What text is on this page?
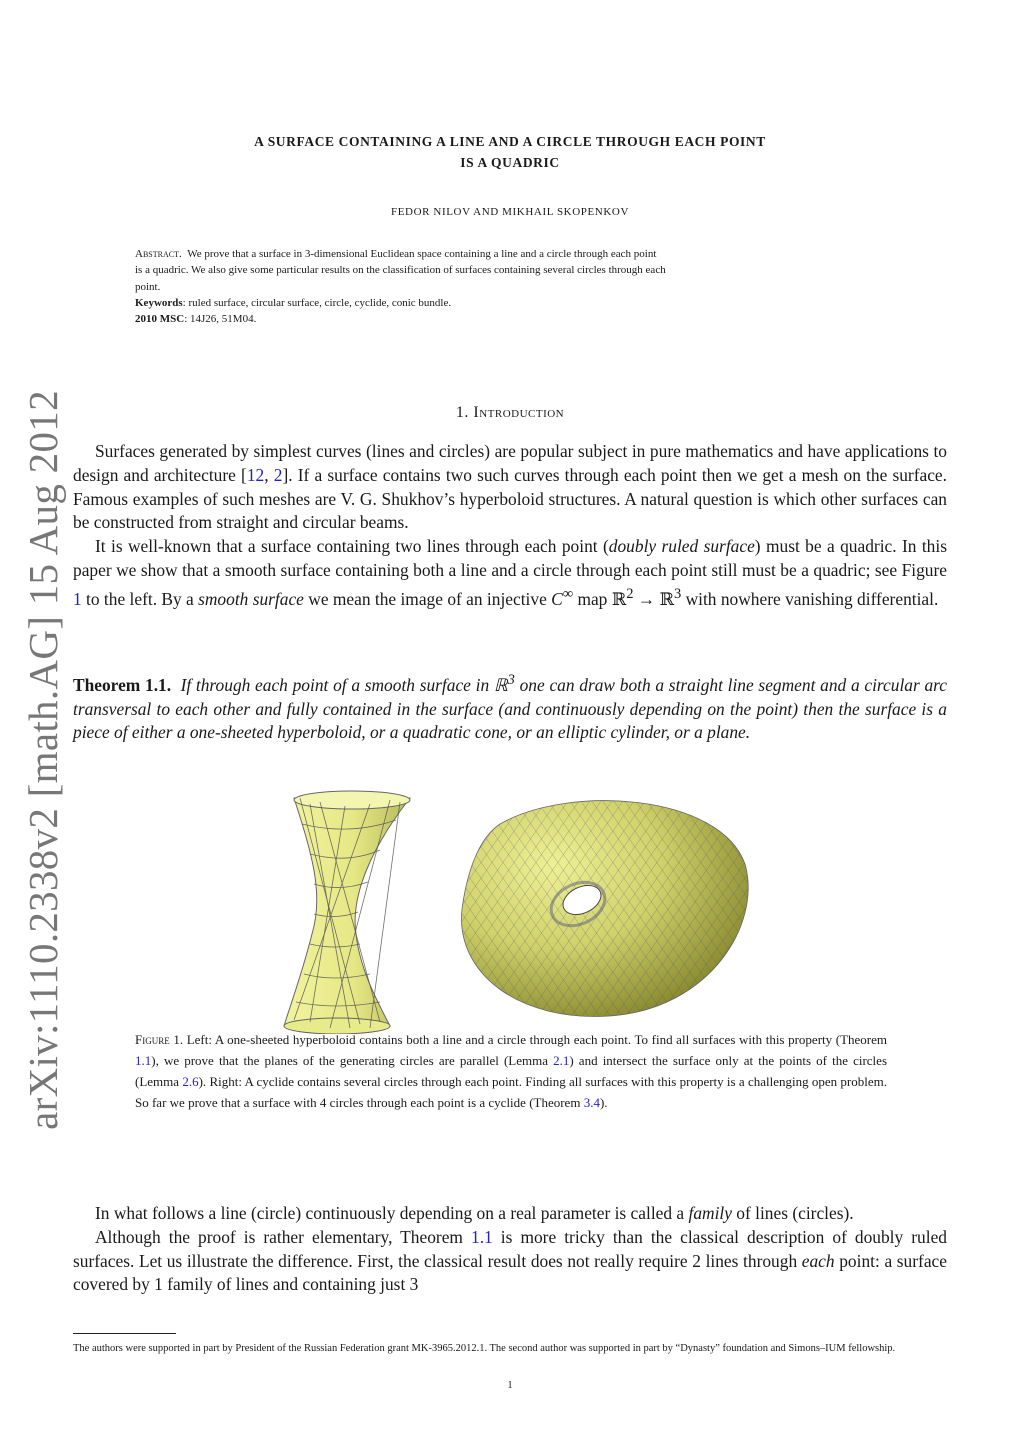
arXiv:1110.2338v2 [math.AG] 15 Aug 2012
A SURFACE CONTAINING A LINE AND A CIRCLE THROUGH EACH POINT
IS A QUADRIC
FEDOR NILOV AND MIKHAIL SKOPENKOV
Abstract. We prove that a surface in 3-dimensional Euclidean space containing a line and a circle through each point
is a quadric. We also give some particular results on the classification of surfaces containing several circles through each
point.
Keywords: ruled surface, circular surface, circle, cyclide, conic bundle.
2010 MSC: 14J26, 51M04.
1. Introduction

Surfaces generated by simplest curves (lines and circles) are popular subject in pure mathematics and have applications to design and architecture [12, 2]. If a surface contains two such curves through each point then we get a mesh on the surface. Famous examples of such meshes are V. G. Shukhov’s hyperboloid structures. A natural question is which other surfaces can be constructed from straight and circular beams.

It is well-known that a surface containing two lines through each point (doubly ruled surface) must be a quadric. In this paper we show that a smooth surface containing both a line and a circle through each point still must be a quadric; see Figure 1 to the left. By a smooth surface we mean the image of an injective C∞ map ℝ$^2$ → ℝ$^3$ with nowhere vanishing differential.

Theorem 1.1. If through each point of a smooth surface in ℝ$^3$ one can draw both a straight line segment and a circular arc transversal to each other and fully contained in the surface (and continuously depending on the point) then the surface is a piece of either a one-sheeted hyperboloid, or a quadratic cone, or an elliptic cylinder, or a plane.

Figure 1. Left: A one-sheeted hyperboloid contains both a line and a circle through each point. To find all surfaces with this property (Theorem 1.1), we prove that the planes of the generating circles are parallel (Lemma 2.1) and intersect the surface only at the points of the circles (Lemma 2.6). Right: A cyclide contains several circles through each point. Finding all surfaces with this property is a challenging open problem. So far we prove that a surface with 4 circles through each point is a cyclide (Theorem 3.4).

In what follows a line (circle) continuously depending on a real parameter is called a family of lines (circles).

Although the proof is rather elementary, Theorem 1.1 is more tricky than the classical description of doubly ruled surfaces. Let us illustrate the difference. First, the classical result does not really require 2 lines through each point: a surface covered by 1 family of lines and containing just 3

The authors were supported in part by President of the Russian Federation grant MK-3965.2012.1. The second author was supported in part by “Dynasty” foundation and Simons–IUM fellowship.
1
